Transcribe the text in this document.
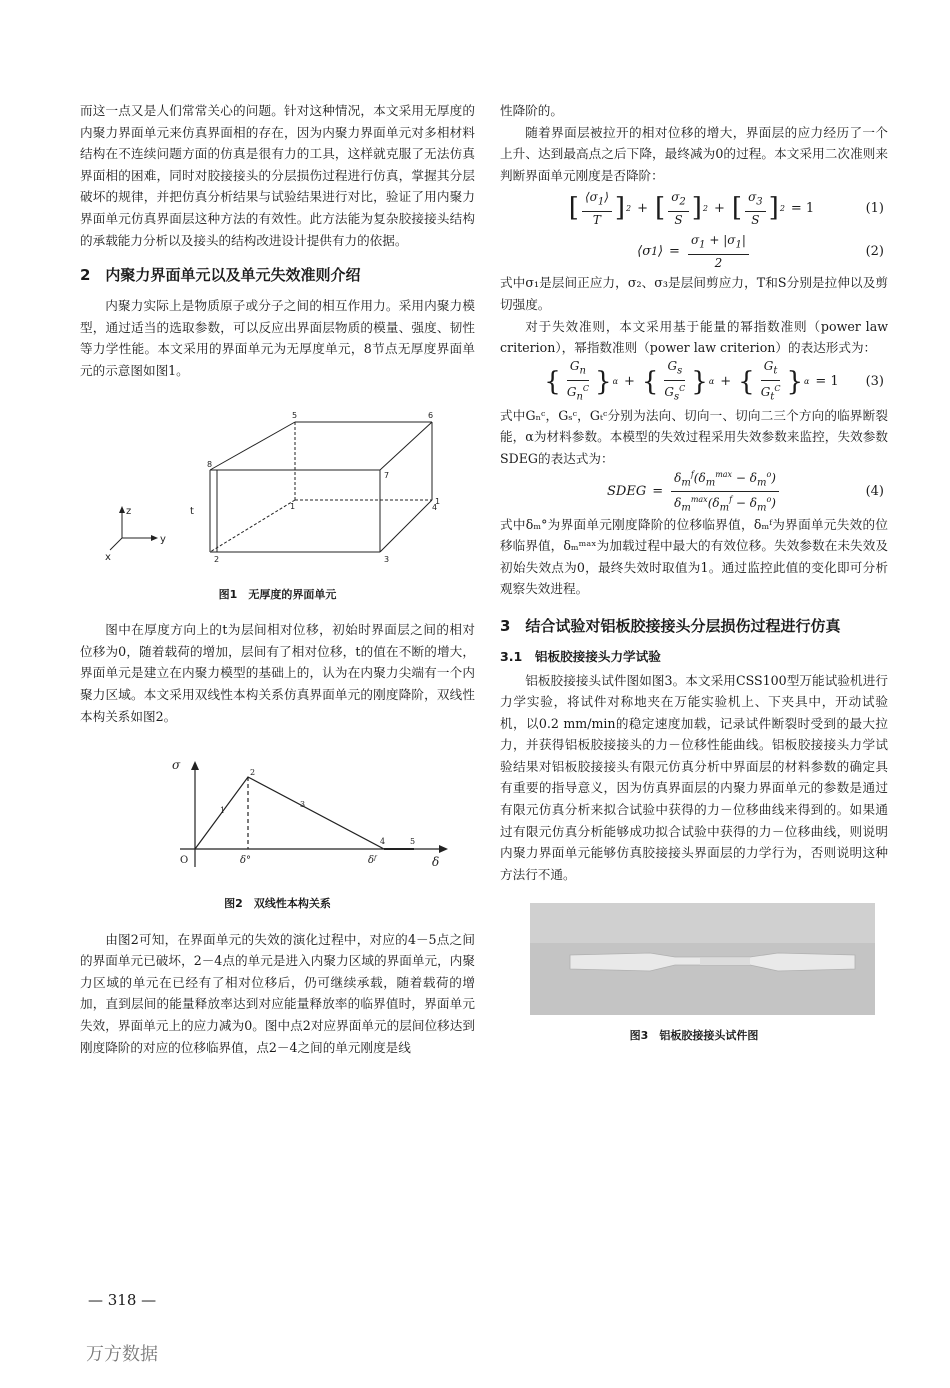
而这一点又是人们常常关心的问题。针对这种情况，本文采用无厚度的内聚力界面单元来仿真界面相的存在，因为内聚力界面单元对多相材料结构在不连续问题方面的仿真是很有力的工具，这样就克服了无法仿真界面相的困难，同时对胶接接头的分层损伤过程进行仿真，掌握其分层破坏的规律，并把仿真分析结果与试验结果进行对比，验证了用内聚力界面单元仿真界面层这种方法的有效性。此方法能为复杂胶接接头结构的承载能力分析以及接头的结构改进设计提供有力的依据。

2　内聚力界面单元以及单元失效准则介绍

内聚力实际上是物质原子或分子之间的相互作用力。采用内聚力模型，通过适当的选取参数，可以反应出界面层物质的模量、强度、韧性等力学性能。本文采用的界面单元为无厚度单元，8节点无厚度界面单元的示意图如图1。

5	6
8
7
1
1
2	3
4
t
z
y
x
图1　无厚度的界面单元

图中在厚度方向上的t为层间相对位移，初始时界面层之间的相对位移为0，随着载荷的增加，层间有了相对位移，t的值在不断的增大，界面单元是建立在内聚力模型的基础上的，认为在内聚力尖端有一个内聚力区域。本文采用双线性本构关系仿真界面单元的刚度降阶，双线性本构关系如图2。

σ
δ
O	δ°	δᶠ
1
2
3
4	5
图2　双线性本构关系

由图2可知，在界面单元的失效的演化过程中，对应的4－5点之间的界面单元已破坏，2－4点的单元是进入内聚力区域的界面单元，内聚力区域的单元在已经有了相对位移后，仍可继续承载，随着载荷的增加，直到层间的能量释放率达到对应能量释放率的临界值时，界面单元失效，界面单元上的应力减为0。图中点2对应界面单元的层间位移达到刚度降阶的对应的位移临界值，点2－4之间的单元刚度是线

性降阶的。

随着界面层被拉开的相对位移的增大，界面层的应力经历了一个上升、达到最高点之后下降，最终减为0的过程。本文采用二次准则来判断界面单元刚度是否降阶：

[ $\frac{⟨\sigma_1⟩}{T}$ ] 2 + [ $\frac{\sigma_2}{S}$ ] 2 + [ $\frac{\sigma_3}{S}$ ] 2 = 1	(1)
⟨σ 1 ⟩ = $\frac{\sigma_1 + |\sigma_1|}{2}$	(2)

式中σ₁是层间正应力，σ₂、σ₃是层间剪应力，T和S分别是拉伸以及剪切强度。

对于失效准则，本文采用基于能量的幂指数准则（power law criterion），幂指数准则（power law criterion）的表达形式为：

{ $\frac{G_n}{G_n^C}$ } α + { $\frac{G_s}{G_s^C}$ } α + { $\frac{G_t}{G_t^C}$ } α = 1 (3)

式中Gₙᶜ，Gₛᶜ，Gₜᶜ分别为法向、切向一、切向二三个方向的临界断裂能，α为材料参数。本模型的失效过程采用失效参数来监控，失效参数SDEG的表达式为：

SDEG = $\frac{\delta_m^f(\delta_m^{max} - \delta_m^o)}{\delta_m^{max}(\delta_m^f - \delta_m^o)}$	(4)

式中δₘ°为界面单元刚度降阶的位移临界值，δₘᶠ为界面单元失效的位移临界值，δₘᵐᵃˣ为加载过程中最大的有效位移。失效参数在未失效及初始失效点为0，最终失效时取值为1。通过监控此值的变化即可分析观察失效进程。

3　结合试验对铝板胶接接头分层损伤过程进行仿真
3.1　铝板胶接接头力学试验

铝板胶接接头试件图如图3。本文采用CSS100型万能试验机进行力学实验，将试件对称地夹在万能实验机上、下夹具中，开动试验机，以0.2 mm/min的稳定速度加载，记录试件断裂时受到的最大拉力，并获得铝板胶接接头的力－位移性能曲线。铝板胶接接头力学试验结果对铝板胶接接头有限元仿真分析中界面层的材料参数的确定具有重要的指导意义，因为仿真界面层的内聚力界面单元的参数是通过有限元仿真分析来拟合试验中获得的力－位移曲线来得到的。如果通过有限元仿真分析能够成功拟合试验中获得的力－位移曲线，则说明内聚力界面单元能够仿真胶接接头界面层的力学行为，否则说明这种方法行不通。

图3　铝板胶接接头试件图
— 318 —
万方数据
